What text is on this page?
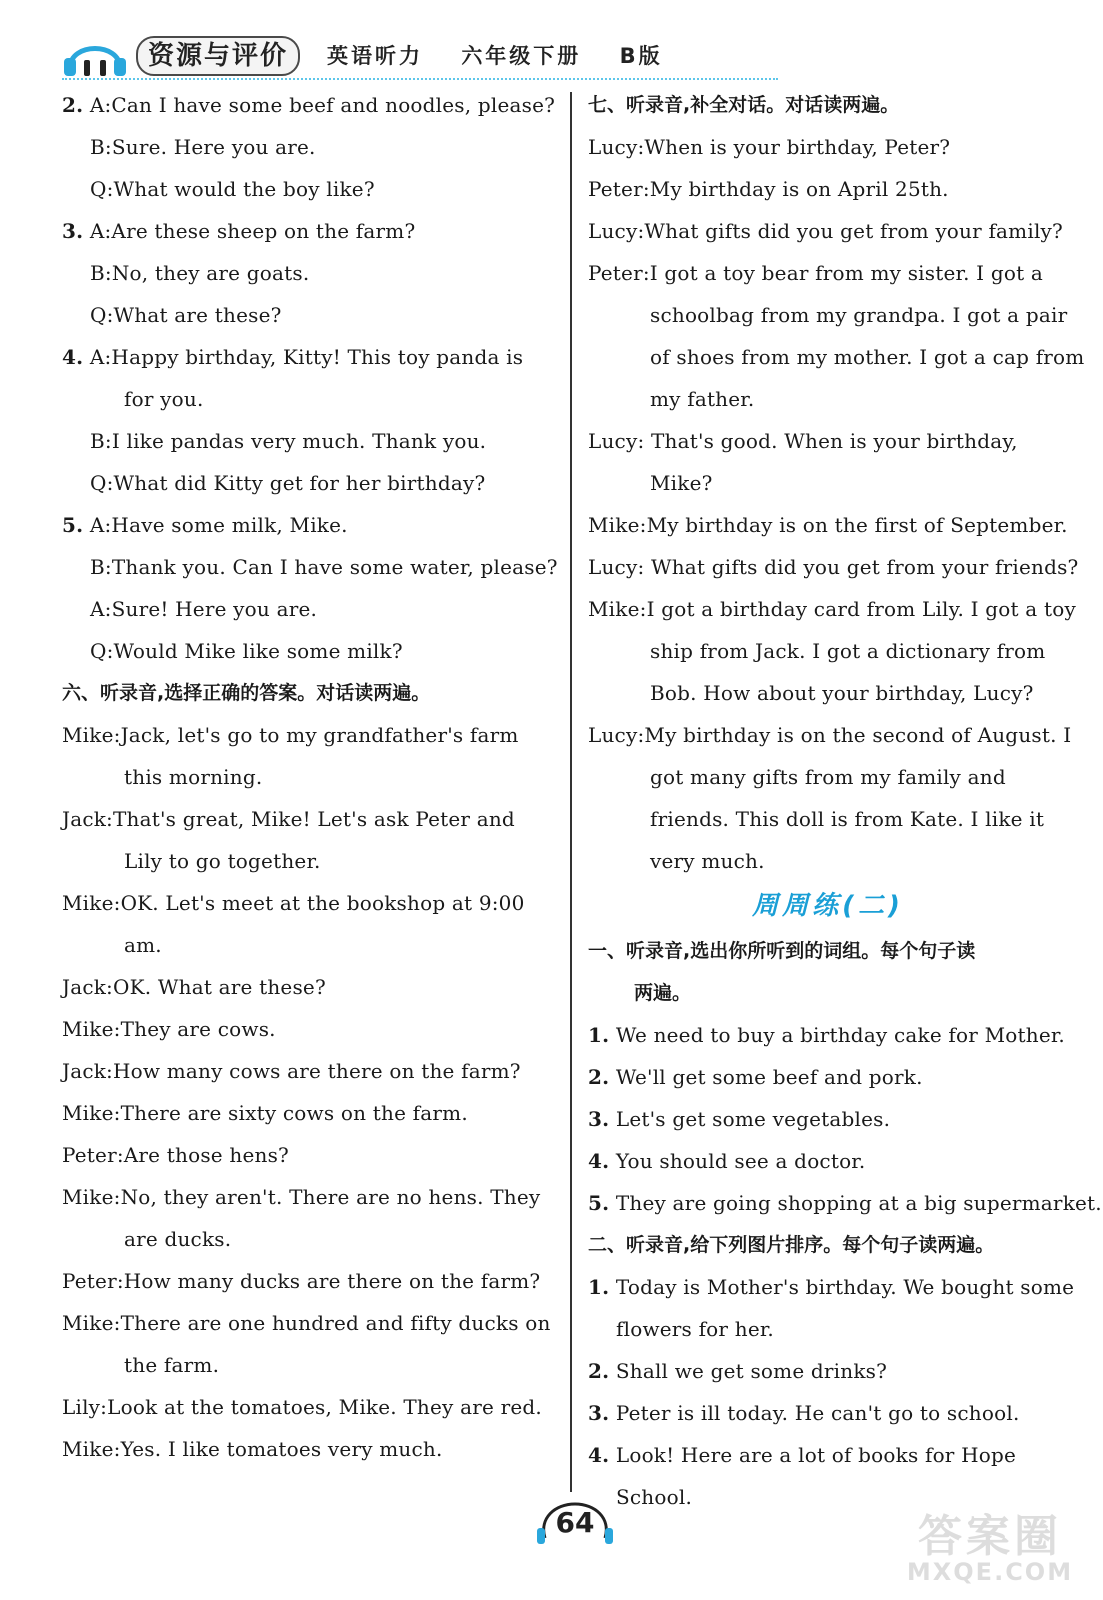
资源与评价	英语听力 六年级下册 B版
2. A:Can I have some beef and noodles, please?
B:Sure. Here you are.
Q:What would the boy like?
3. A:Are these sheep on the farm?
B:No, they are goats.
Q:What are these?
4. A:Happy birthday, Kitty! This toy panda is
for you.
B:I like pandas very much. Thank you.
Q:What did Kitty get for her birthday?
5. A:Have some milk, Mike.
B:Thank you. Can I have some water, please?
A:Sure! Here you are.
Q:Would Mike like some milk?
六、听录音,选择正确的答案。对话读两遍。
Mike:Jack, let's go to my grandfather's farm
this morning.
Jack:That's great, Mike! Let's ask Peter and
Lily to go together.
Mike:OK. Let's meet at the bookshop at 9:00
am.
Jack:OK. What are these?
Mike:They are cows.
Jack:How many cows are there on the farm?
Mike:There are sixty cows on the farm.
Peter:Are those hens?
Mike:No, they aren't. There are no hens. They
are ducks.
Peter:How many ducks are there on the farm?
Mike:There are one hundred and fifty ducks on
the farm.
Lily:Look at the tomatoes, Mike. They are red.
Mike:Yes. I like tomatoes very much.
七、听录音,补全对话。对话读两遍。
Lucy:When is your birthday, Peter?
Peter:My birthday is on April 25th.
Lucy:What gifts did you get from your family?
Peter:I got a toy bear from my sister. I got a
schoolbag from my grandpa. I got a pair
of shoes from my mother. I got a cap from
my father.
Lucy: That's good. When is your birthday,
Mike?
Mike:My birthday is on the first of September.
Lucy: What gifts did you get from your friends?
Mike:I got a birthday card from Lily. I got a toy
ship from Jack. I got a dictionary from
Bob. How about your birthday, Lucy?
Lucy:My birthday is on the second of August. I
got many gifts from my family and
friends. This doll is from Kate. I like it
very much.
周周练(二)
一、听录音,选出你所听到的词组。每个句子读
两遍。
1. We need to buy a birthday cake for Mother.
2. We'll get some beef and pork.
3. Let's get some vegetables.
4. You should see a doctor.
5. They are going shopping at a big supermarket.
二、听录音,给下列图片排序。每个句子读两遍。
1. Today is Mother's birthday. We bought some
flowers for her.
2. Shall we get some drinks?
3. Peter is ill today. He can't go to school.
4. Look! Here are a lot of books for Hope
School.
64	答案圈
MXQE.COM
